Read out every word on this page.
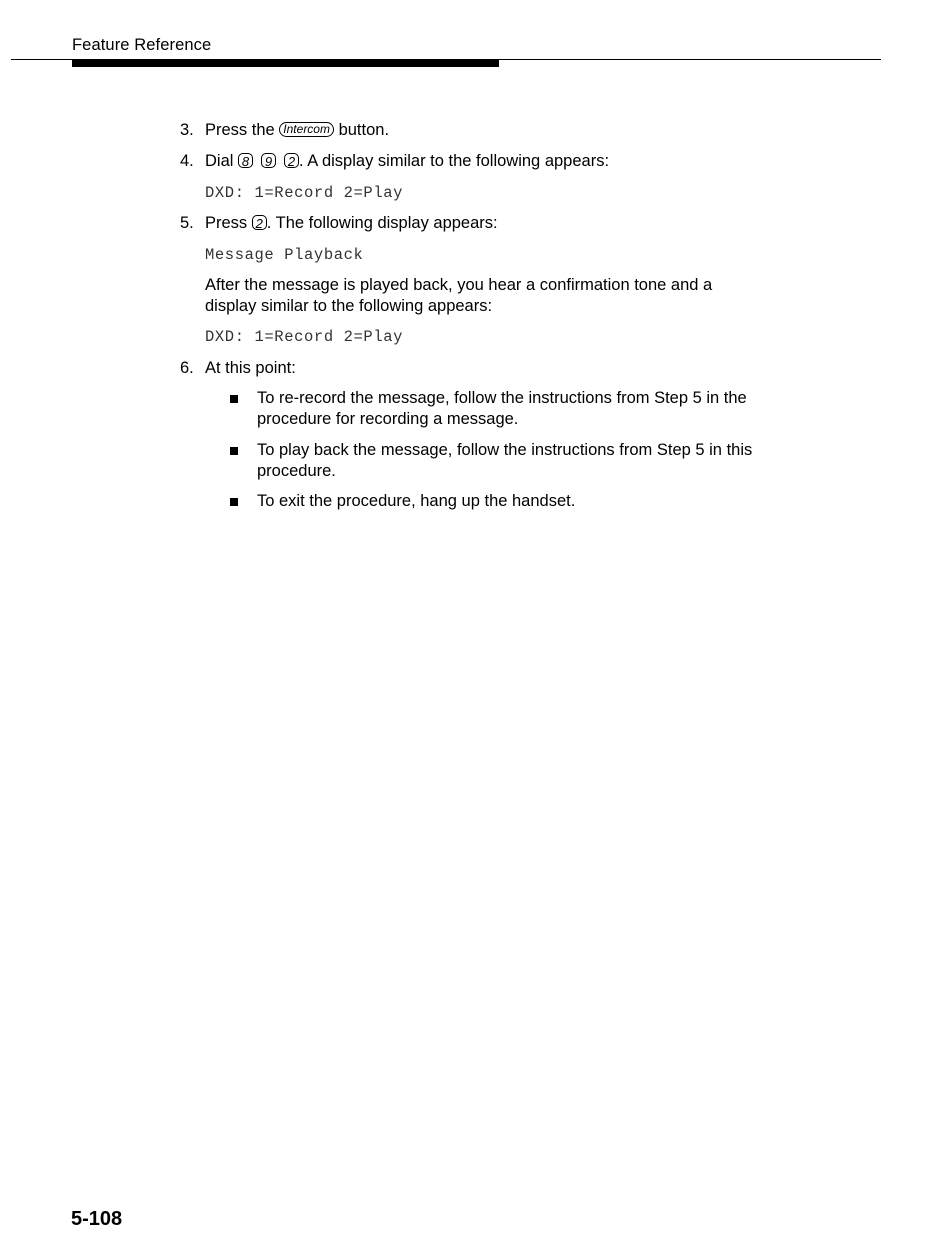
Feature Reference
3. Press the Intercom button.
4. Dial 8 9 2 . A display similar to the following appears:
DXD: 1=Record 2=Play
5. Press 2 . The following display appears:
Message Playback
After the message is played back, you hear a confirmation tone and a display similar to the following appears:
DXD: 1=Record 2=Play
6. At this point:
To re-record the message, follow the instructions from Step 5 in the procedure for recording a message.
To play back the message, follow the instructions from Step 5 in this procedure.
To exit the procedure, hang up the handset.
5-108
